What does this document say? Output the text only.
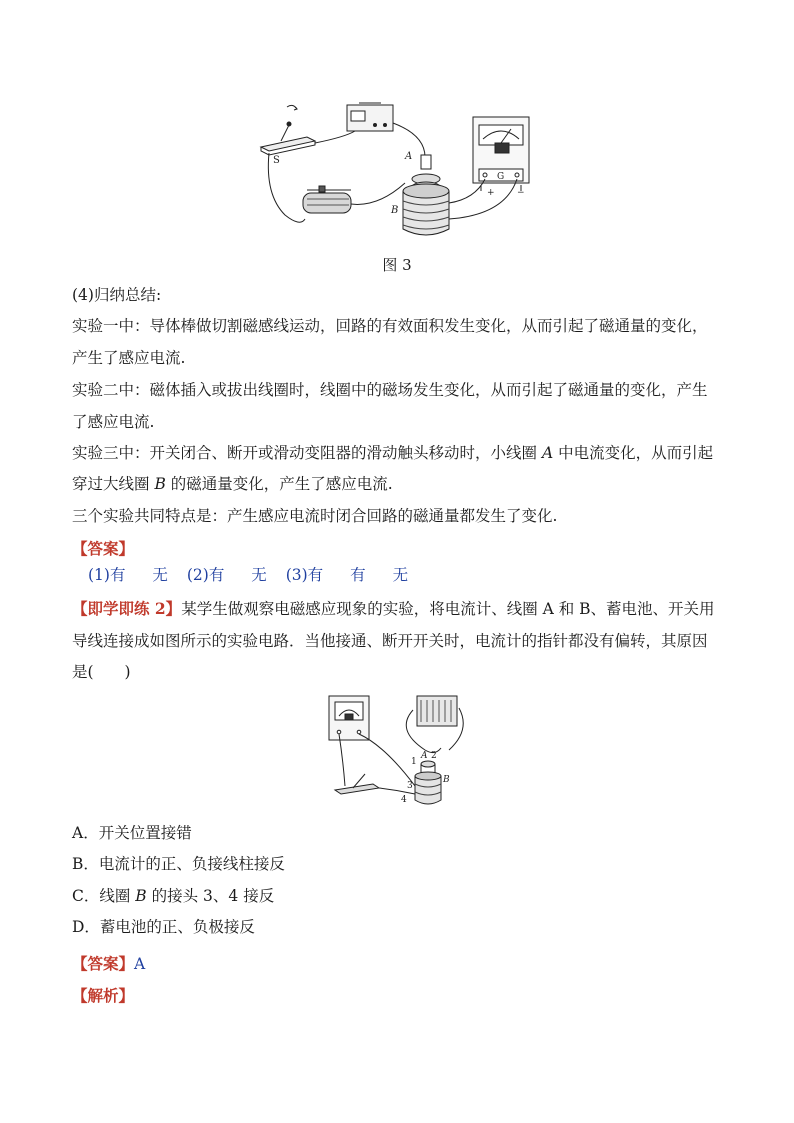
S	A
B
G
+ −
图 3
(4)归纳总结:
实验一中：导体棒做切割磁感线运动，回路的有效面积发生变化，从而引起了磁通量的变化，
产生了感应电流.
实验二中：磁体插入或拔出线圈时，线圈中的磁场发生变化，从而引起了磁通量的变化，产生
了感应电流.
实验三中：开关闭合、断开或滑动变阻器的滑动触头移动时，小线圈 A 中电流变化，从而引起
穿过大线圈 B 的磁通量变化，产生了感应电流.
三个实验共同特点是：产生感应电流时闭合回路的磁通量都发生了变化.
【答案】
(1)有 无 (2)有 无 (3)有 有 无
【即学即练 2】某学生做观察电磁感应现象的实验，将电流计、线圈 A 和 B、蓄电池、开关用
导线连接成如图所示的实验电路．当他接通、断开开关时，电流计的指针都没有偏转，其原因
是(　　)
A 2
1
B
3
4
A．开关位置接错
B．电流计的正、负接线柱接反
C．线圈 B 的接头 3、4 接反
D．蓄电池的正、负极接反
【答案】A
【解析】
